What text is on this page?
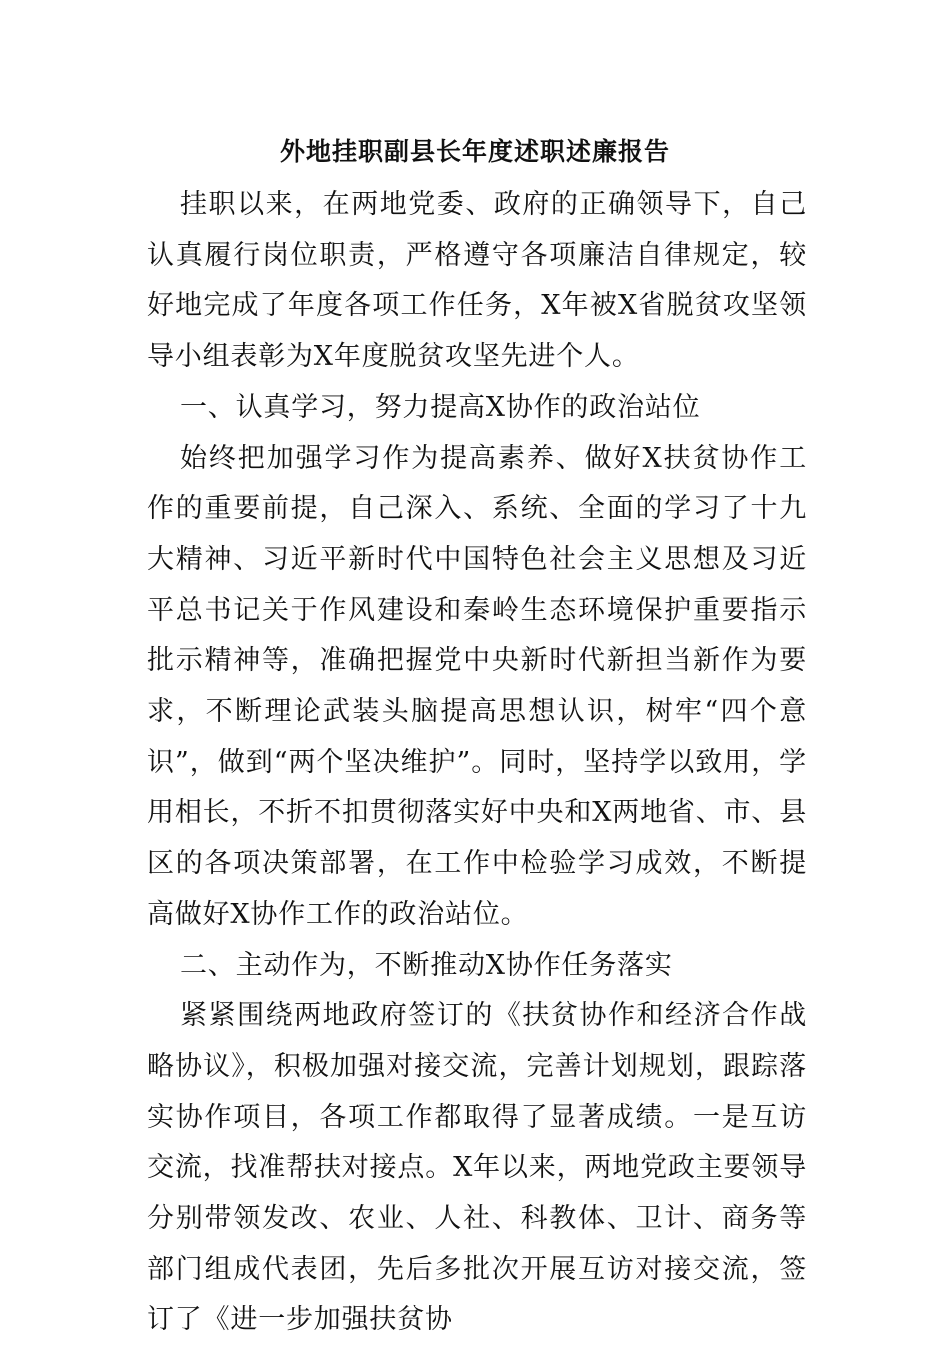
外地挂职副县长年度述职述廉报告

挂职以来，在两地党委、政府的正确领导下，自己认真履行岗位职责，严格遵守各项廉洁自律规定，较好地完成了年度各项工作任务，X年被X省脱贫攻坚领导小组表彰为X年度脱贫攻坚先进个人。

一、认真学习，努力提高X协作的政治站位

始终把加强学习作为提高素养、做好X扶贫协作工作的重要前提，自己深入、系统、全面的学习了十九大精神、习近平新时代中国特色社会主义思想及习近平总书记关于作风建设和秦岭生态环境保护重要指示批示精神等，准确把握党中央新时代新担当新作为要求，不断理论武装头脑提高思想认识，树牢“四个意识”，做到“两个坚决维护”。同时，坚持学以致用，学用相长，不折不扣贯彻落实好中央和X两地省、市、县区的各项决策部署，在工作中检验学习成效，不断提高做好X协作工作的政治站位。

二、主动作为，不断推动X协作任务落实

紧紧围绕两地政府签订的《扶贫协作和经济合作战略协议》，积极加强对接交流，完善计划规划，跟踪落实协作项目，各项工作都取得了显著成绩。一是互访交流，找准帮扶对接点。X年以来，两地党政主要领导分别带领发改、农业、人社、科教体、卫计、商务等部门组成代表团，先后多批次开展互访对接交流，签订了《进一步加强扶贫协
